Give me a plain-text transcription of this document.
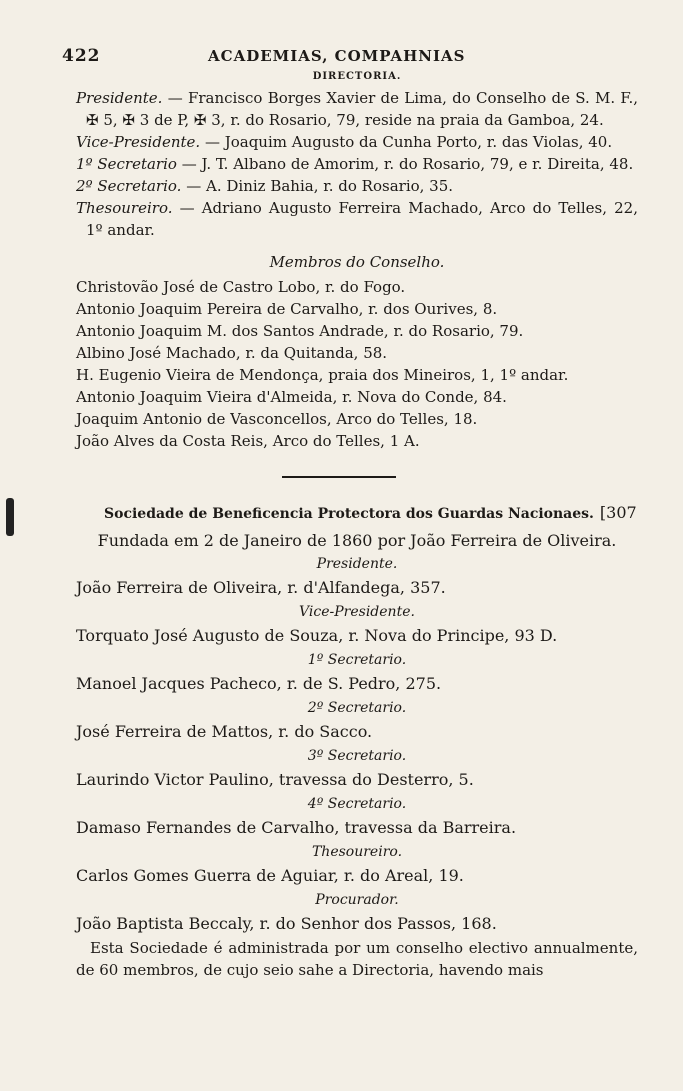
422	ACADEMIAS, COMPAHNIAS
DIRECTORIA.
Presidente. — Francisco Borges Xavier de Lima, do Conselho de S. M. F., ✠ 5, ✠ 3 de P, ✠ 3, r. do Rosario, 79, reside na praia da Gamboa, 24.
Vice-Presidente. — Joaquim Augusto da Cunha Porto, r. das Violas, 40.
1º Secretario — J. T. Albano de Amorim, r. do Rosario, 79, e r. Direita, 48.
2º Secretario. — A. Diniz Bahia, r. do Rosario, 35.
Thesoureiro. — Adriano Augusto Ferreira Machado, Arco do Telles, 22, 1º andar.
Membros do Conselho.
Christovão José de Castro Lobo, r. do Fogo.
Antonio Joaquim Pereira de Carvalho, r. dos Ourives, 8.
Antonio Joaquim M. dos Santos Andrade, r. do Rosario, 79.
Albino José Machado, r. da Quitanda, 58.
H. Eugenio Vieira de Mendonça, praia dos Mineiros, 1, 1º andar.
Antonio Joaquim Vieira d'Almeida, r. Nova do Conde, 84.
Joaquim Antonio de Vasconcellos, Arco do Telles, 18.
João Alves da Costa Reis, Arco do Telles, 1 A.
Sociedade de Beneficencia Protectora dos Guardas Nacionaes. [307
Fundada em 2 de Janeiro de 1860 por João Ferreira de Oliveira.
Presidente.
João Ferreira de Oliveira, r. d'Alfandega, 357.
Vice-Presidente.
Torquato José Augusto de Souza, r. Nova do Principe, 93 D.
1º Secretario.
Manoel Jacques Pacheco, r. de S. Pedro, 275.
2º Secretario.
José Ferreira de Mattos, r. do Sacco.
3º Secretario.
Laurindo Victor Paulino, travessa do Desterro, 5.
4º Secretario.
Damaso Fernandes de Carvalho, travessa da Barreira.
Thesoureiro.
Carlos Gomes Guerra de Aguiar, r. do Areal, 19.
Procurador.
João Baptista Beccaly, r. do Senhor dos Passos, 168.
Esta Sociedade é administrada por um conselho electivo annualmente, de 60 membros, de cujo seio sahe a Directoria, havendo mais
